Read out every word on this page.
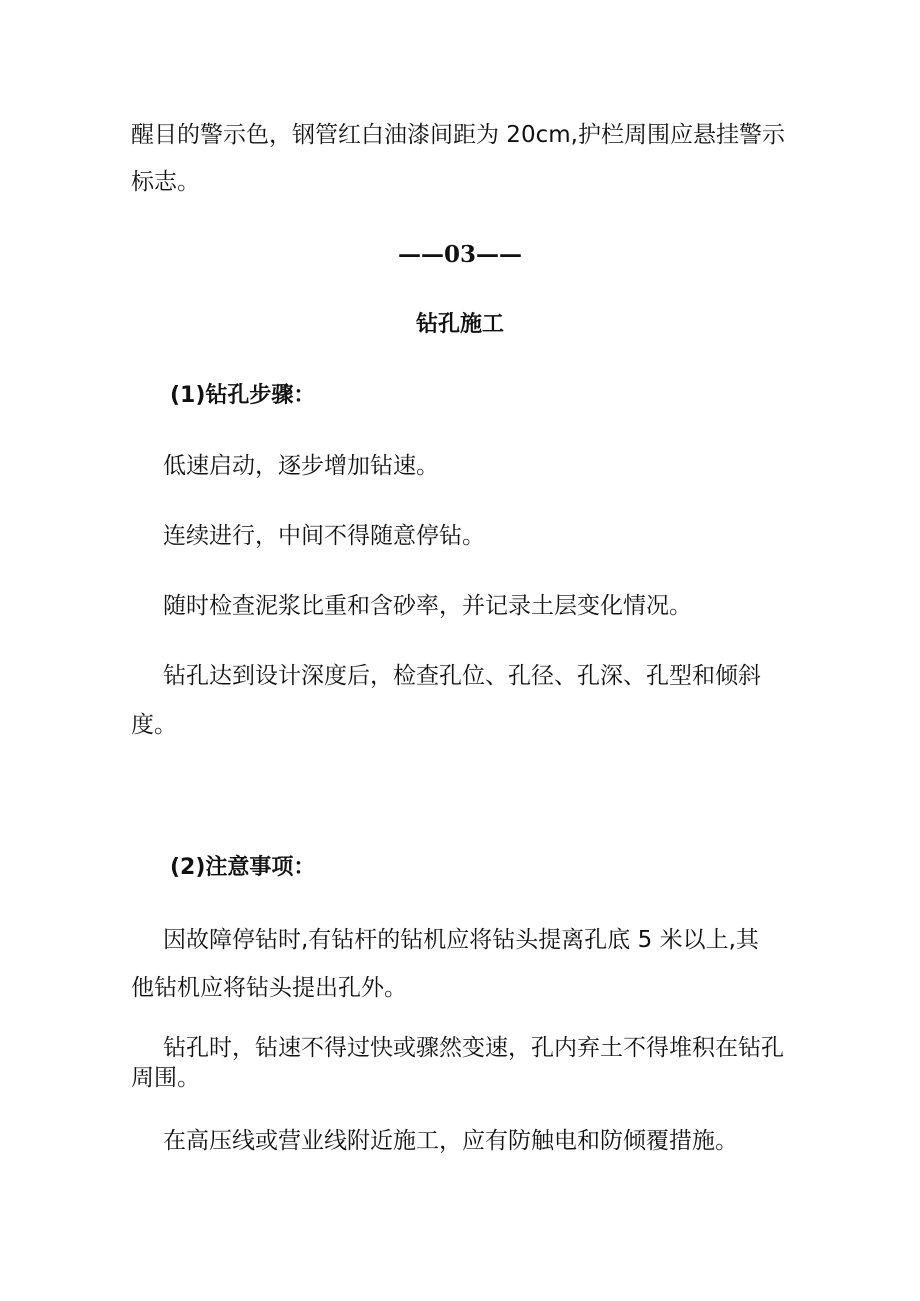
醒目的警示色，钢管红白油漆间距为 20cm,护栏周围应悬挂警示

标志。

——03——

钻孔施工

(1)钻孔步骤：

低速启动，逐步增加钻速。

连续进行，中间不得随意停钻。

随时检查泥浆比重和含砂率，并记录土层变化情况。

钻孔达到设计深度后，检查孔位、孔径、孔深、孔型和倾斜

度。

(2)注意事项：

因故障停钻时,有钻杆的钻机应将钻头提离孔底 5 米以上,其

他钻机应将钻头提出孔外。

钻孔时，钻速不得过快或骤然变速，孔内弃土不得堆积在钻孔

周围。

在高压线或营业线附近施工，应有防触电和防倾覆措施。
